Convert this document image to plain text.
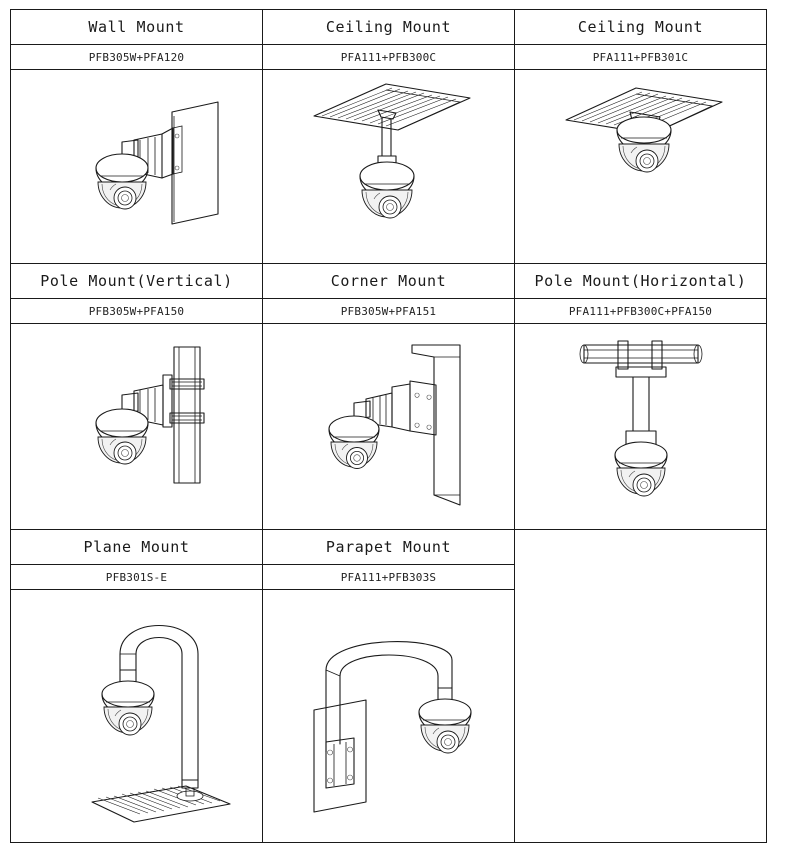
Wall Mount	Ceiling Mount	Ceiling Mount
PFB305W+PFA120	PFA111+PFB300C	PFA111+PFB301C

Pole Mount(Vertical)	Corner Mount	Pole Mount(Horizontal)
PFB305W+PFA150	PFB305W+PFA151	PFA111+PFB300C+PFA150

Plane Mount	Parapet Mount	
PFB301S-E	PFA111+PFB303S	
